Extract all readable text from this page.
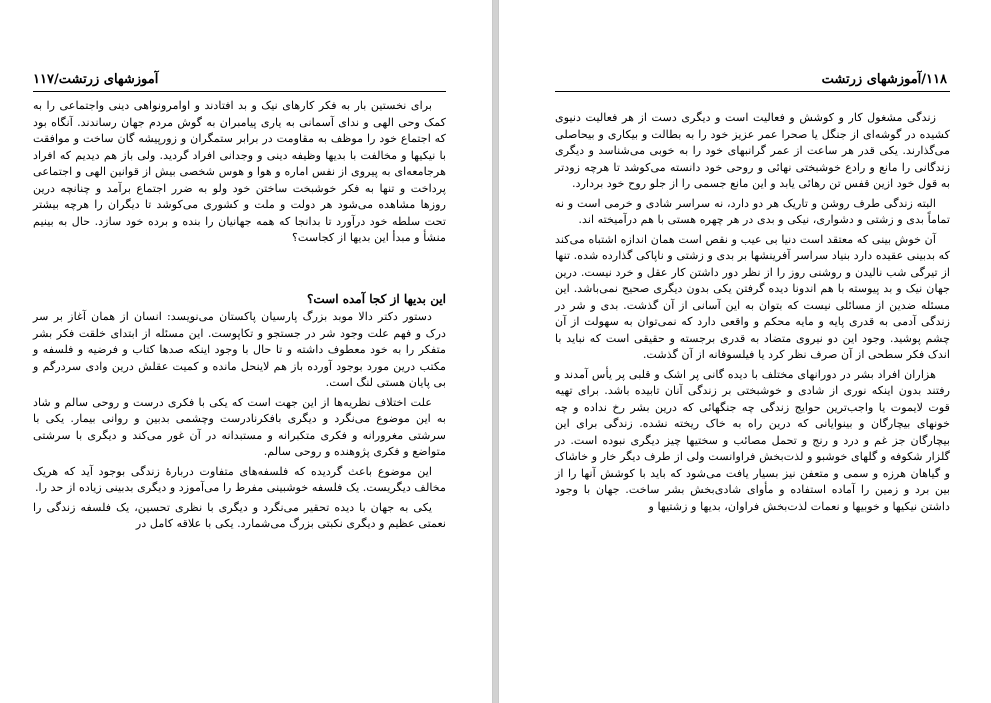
آموزشهای زرتشت/۱۱۷

برای نخستین بار به فکر کارهای نیک و بد افتادند و اوامرونواهی دینی واجتماعی را به کمک وحی الهی و ندای آسمانی به یاری پیامبران به گوش مردم جهان رساندند. آنگاه بود که اجتماع خود را موظف به مقاومت در برابر ستمگران و زورپیشه گان ساخت و موافقت با نیکیها و مخالفت با بدیها وظیفه دینی و وجدانی افراد گردید. ولی باز هم دیدیم که افراد هرجامعه‌ای به پیروی از نفس اماره و هوا و هوس شخصی بیش از قوانین الهی و اجتماعی پرداخت و تنها به فکر خوشبخت ساختن خود ولو به ضرر اجتماع برآمد و چنانچه درین روزها مشاهده می‌شود هر دولت و ملت و کشوری می‌کوشد تا دیگران را هرچه بیشتر تحت سلطه خود درآورد تا بدانجا که همه جهانیان را بنده و برده خود سازد. حال به بینیم منشأ و مبدأ این بدیها از کجاست؟

این بدیها از کجا آمده است؟

دستور دکتر دالا موبد بزرگ پارسیان پاکستان می‌نویسد: انسان از همان آغاز بر سر درک و فهم علت وجود شر در جستجو و تکاپوست. این مسئله از ابتدای خلقت فکر بشر متفکر را به خود معطوف داشته و تا حال با وجود اینکه صدها کتاب و فرضیه و فلسفه و مکتب درین مورد بوجود آورده باز هم لاینحل مانده و کمیت عقلش درین وادی سردرگم و بی پایان هستی لنگ است.

علت اختلاف نظریه‌ها از این جهت است که یکی با فکری درست و روحی سالم و شاد به این موضوع می‌نگرد و دیگری بافکرنادرست وچشمی بدبین و روانی بیمار. یکی با سرشتی مغرورانه و فکری متکبرانه و مستبدانه در آن غور می‌کند و دیگری با سرشتی متواضع و فکری پژوهنده و روحی سالم.

این موضوع باعث گردیده که فلسفه‌های متفاوت دربارهٔ زندگی بوجود آید که هریک مخالف دیگریست. یک فلسفه خوشبینی مفرط را می‌آموزد و دیگری بدبینی زیاده از حد را.

یکی به جهان با دیده تحقیر می‌نگرد و دیگری با نظری تحسین، یک فلسفه زندگی را نعمتی عظیم و دیگری نکبتی بزرگ می‌شمارد. یکی با علاقه کامل در

۱۱۸/آموزشهای زرتشت

زندگی مشغول کار و کوشش و فعالیت است و دیگری دست از هر فعالیت دنیوی کشیده در گوشه‌ای از جنگل یا صحرا عمر عزیز خود را به بطالت و بیکاری و بیحاصلی می‌گذارند. یکی قدر هر ساعت از عمر گرانبهای خود را به خوبی می‌شناسد و دیگری زندگانی را مانع و رادع خوشبختی نهائی و روحی خود دانسته می‌کوشد تا هرچه زودتر به قول خود ازین قفس تن رهائی یابد و این مانع جسمی را از جلو روح خود بردارد.

البته زندگی طرف روشن و تاریک هر دو دارد، نه سراسر شادی و خرمی است و نه تماماً بدی و زشتی و دشواری، نیکی و بدی در هر چهره هستی با هم درآمیخته اند.

آن خوش بینی که معتقد است دنیا بی عیب و نقص است همان اندازه اشتباه می‌کند که بدبینی عقیده دارد بنیاد سراسر آفرینشها بر بدی و زشتی و ناپاکی گذارده شده. تنها از تیرگی شب نالیدن و روشنی روز را از نظر دور داشتن کار عقل و خرد نیست. درین جهان نیک و بد پیوسته با هم اندونا دیده گرفتن یکی بدون دیگری صحیح نمی‌باشد. این مسئله ضدین از مسائلی نیست که بتوان به این آسانی از آن گذشت. بدی و شر در زندگی آدمی به قدری پایه و مایه محکم و واقعی دارد که نمی‌توان به سهولت از آن چشم پوشید. وجود این دو نیروی متضاد به قدری برجسته و حقیقی است که نباید با اندک فکر سطحی از آن صرف نظر کرد یا فیلسوفانه از آن گذشت.

هزاران افراد بشر در دورانهای مختلف با دیده گانی پر اشک و قلبی پر یأس آمدند و رفتند بدون اینکه نوری از شادی و خوشبختی بر زندگی آنان تابیده باشد. برای تهیه قوت لایموت یا واجب‌ترین حوایج زندگی چه جنگهائی که درین بشر رخ نداده و چه خونهای بیچارگان و بینوایانی که درین راه به خاک ریخته نشده. زندگی برای این بیچارگان جز غم و درد و رنج و تحمل مصائب و سختیها چیز دیگری نبوده است. در گلزار شکوفه و گلهای خوشبو و لذت‌بخش فراوانست ولی از طرف دیگر خار و خاشاک و گیاهان هرزه و سمی و متعفن نیز بسیار یافت می‌شود که باید با کوشش آنها را از بین برد و زمین را آماده استفاده و مأوای شادی‌بخش بشر ساخت. جهان با وجود داشتن نیکیها و خوبیها و نعمات لذت‌بخش فراوان، بدیها و زشتیها و
